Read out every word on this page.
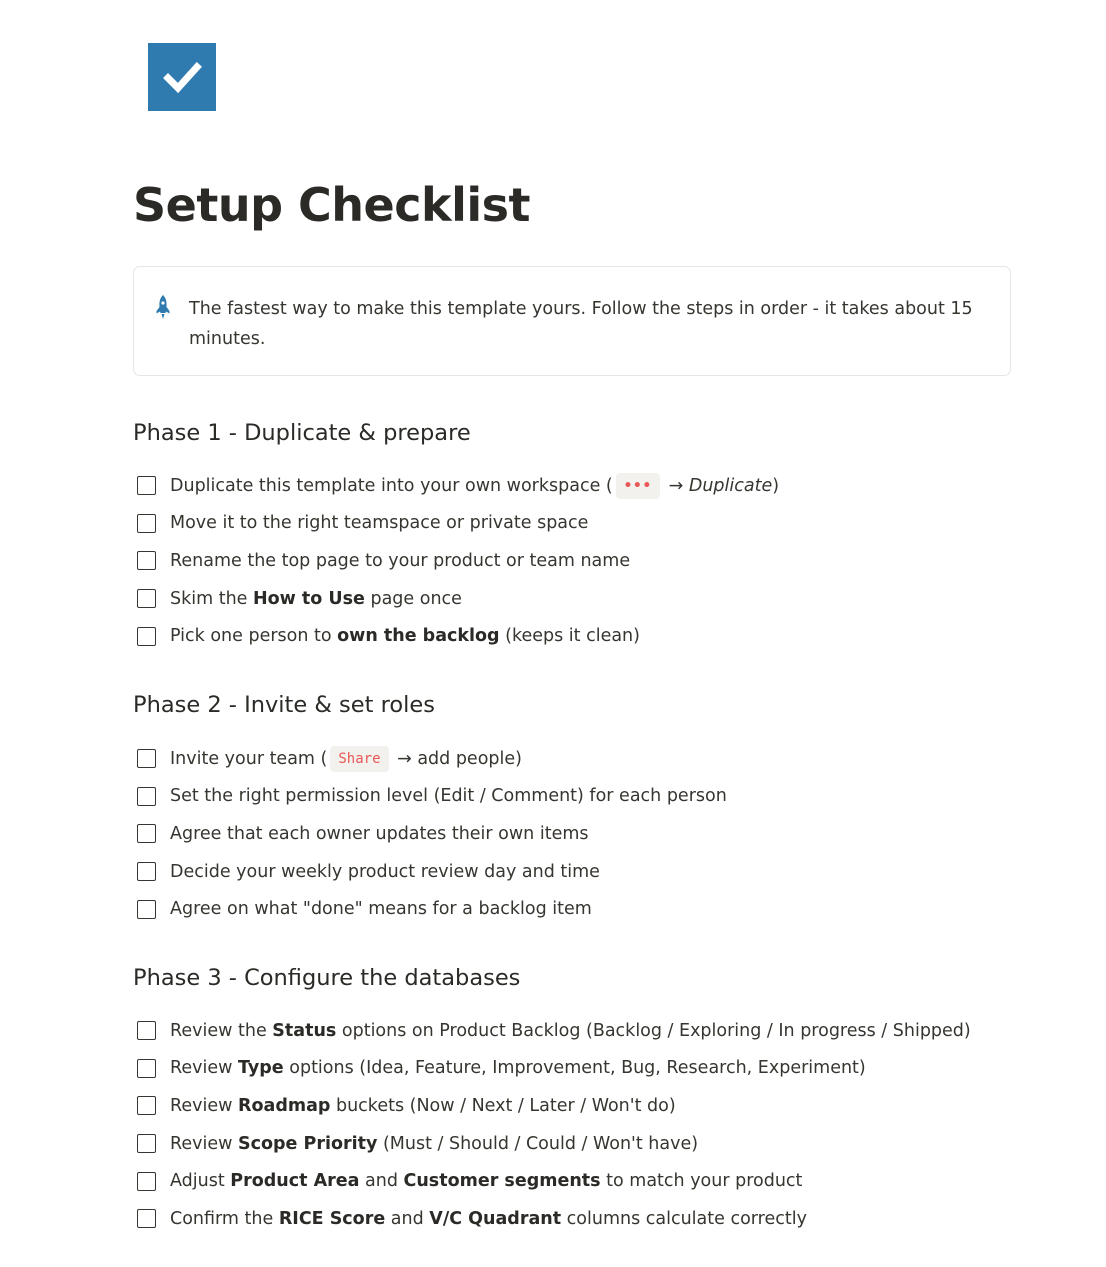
Setup Checklist
The fastest way to make this template yours. Follow the steps in order - it takes about 15 minutes.
Phase 1 - Duplicate & prepare
Duplicate this template into your own workspace ( ••• → Duplicate)
Move it to the right teamspace or private space
Rename the top page to your product or team name
Skim the How to Use page once
Pick one person to own the backlog (keeps it clean)
Phase 2 - Invite & set roles
Invite your team ( Share → add people)
Set the right permission level (Edit / Comment) for each person
Agree that each owner updates their own items
Decide your weekly product review day and time
Agree on what "done" means for a backlog item
Phase 3 - Configure the databases
Review the Status options on Product Backlog (Backlog / Exploring / In progress / Shipped)
Review Type options (Idea, Feature, Improvement, Bug, Research, Experiment)
Review Roadmap buckets (Now / Next / Later / Won't do)
Review Scope Priority (Must / Should / Could / Won't have)
Adjust Product Area and Customer segments to match your product
Confirm the RICE Score and V/C Quadrant columns calculate correctly
